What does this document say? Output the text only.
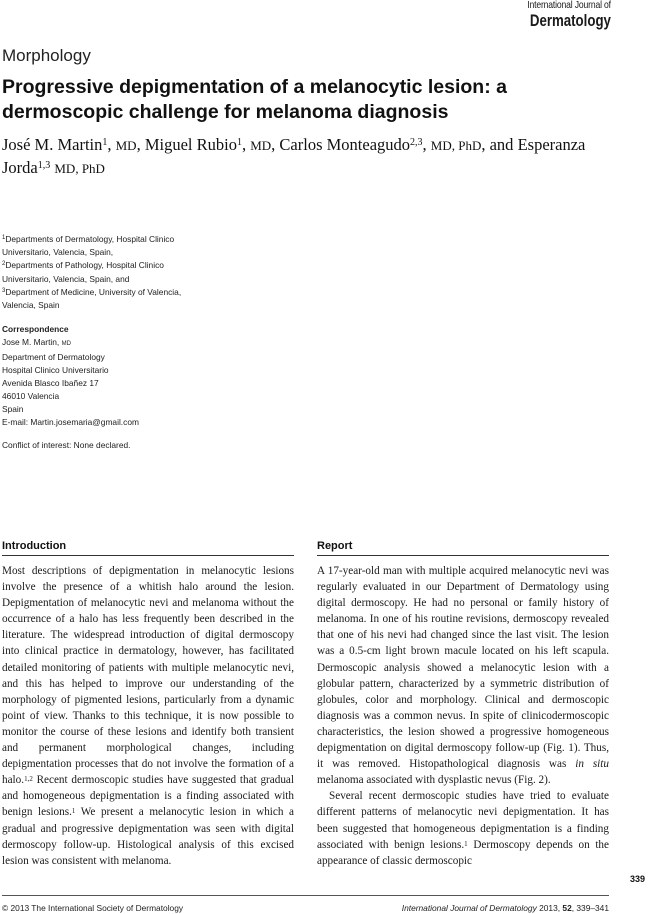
International Journal of
Dermatology
Morphology
Progressive depigmentation of a melanocytic lesion: a dermoscopic challenge for melanoma diagnosis
José M. Martin$^1$, MD, Miguel Rubio$^1$, MD, Carlos Monteagudo$^{2,3}$, MD, PhD, and Esperanza Jorda$^{1,3}$ MD, PhD
$^1$Departments of Dermatology, Hospital Clinico Universitario, Valencia, Spain,
$^2$Departments of Pathology, Hospital Clinico Universitario, Valencia, Spain, and
$^3$Department of Medicine, University of Valencia, Valencia, Spain
Correspondence
Jose M. Martin, MD
Department of Dermatology
Hospital Clinico Universitario
Avenida Blasco Ibañez 17
46010 Valencia
Spain
E-mail: Martin.josemaria@gmail.com
Conflict of interest: None declared.
Introduction

Most descriptions of depigmentation in melanocytic lesions involve the presence of a whitish halo around the lesion. Depigmentation of melanocytic nevi and melanoma without the occurrence of a halo has less frequently been described in the literature. The widespread introduction of digital dermoscopy into clinical practice in dermatology, however, has facilitated detailed monitoring of patients with multiple melanocytic nevi, and this has helped to improve our understanding of the morphology of pigmented lesions, particularly from a dynamic point of view. Thanks to this technique, it is now possible to monitor the course of these lesions and identify both transient and permanent morphological changes, including depigmentation processes that do not involve the formation of a halo.$^{1,2}$ Recent dermoscopic studies have suggested that gradual and homogeneous depigmentation is a finding associated with benign lesions.$^1$ We present a melanocytic lesion in which a gradual and progressive depigmentation was seen with digital dermoscopy follow-up. Histological analysis of this excised lesion was consistent with melanoma.

Report

A 17-year-old man with multiple acquired melanocytic nevi was regularly evaluated in our Department of Dermatology using digital dermoscopy. He had no personal or family history of melanoma. In one of his routine revisions, dermoscopy revealed that one of his nevi had changed since the last visit. The lesion was a 0.5-cm light brown macule located on his left scapula. Dermoscopic analysis showed a melanocytic lesion with a globular pattern, characterized by a symmetric distribution of globules, color and morphology. Clinical and dermoscopic diagnosis was a common nevus. In spite of clinicodermoscopic characteristics, the lesion showed a progressive homogeneous depigmentation on digital dermoscopy follow-up (Fig. 1). Thus, it was removed. Histopathological diagnosis was in situ melanoma associated with dysplastic nevus (Fig. 2).

Several recent dermoscopic studies have tried to evaluate different patterns of melanocytic nevi depigmentation. It has been suggested that homogeneous depigmentation is a finding associated with benign lesions.$^1$ Dermoscopy depends on the appearance of classic dermoscopic

339
© 2013 The International Society of Dermatology	International Journal of Dermatology 2013, 52, 339–341
